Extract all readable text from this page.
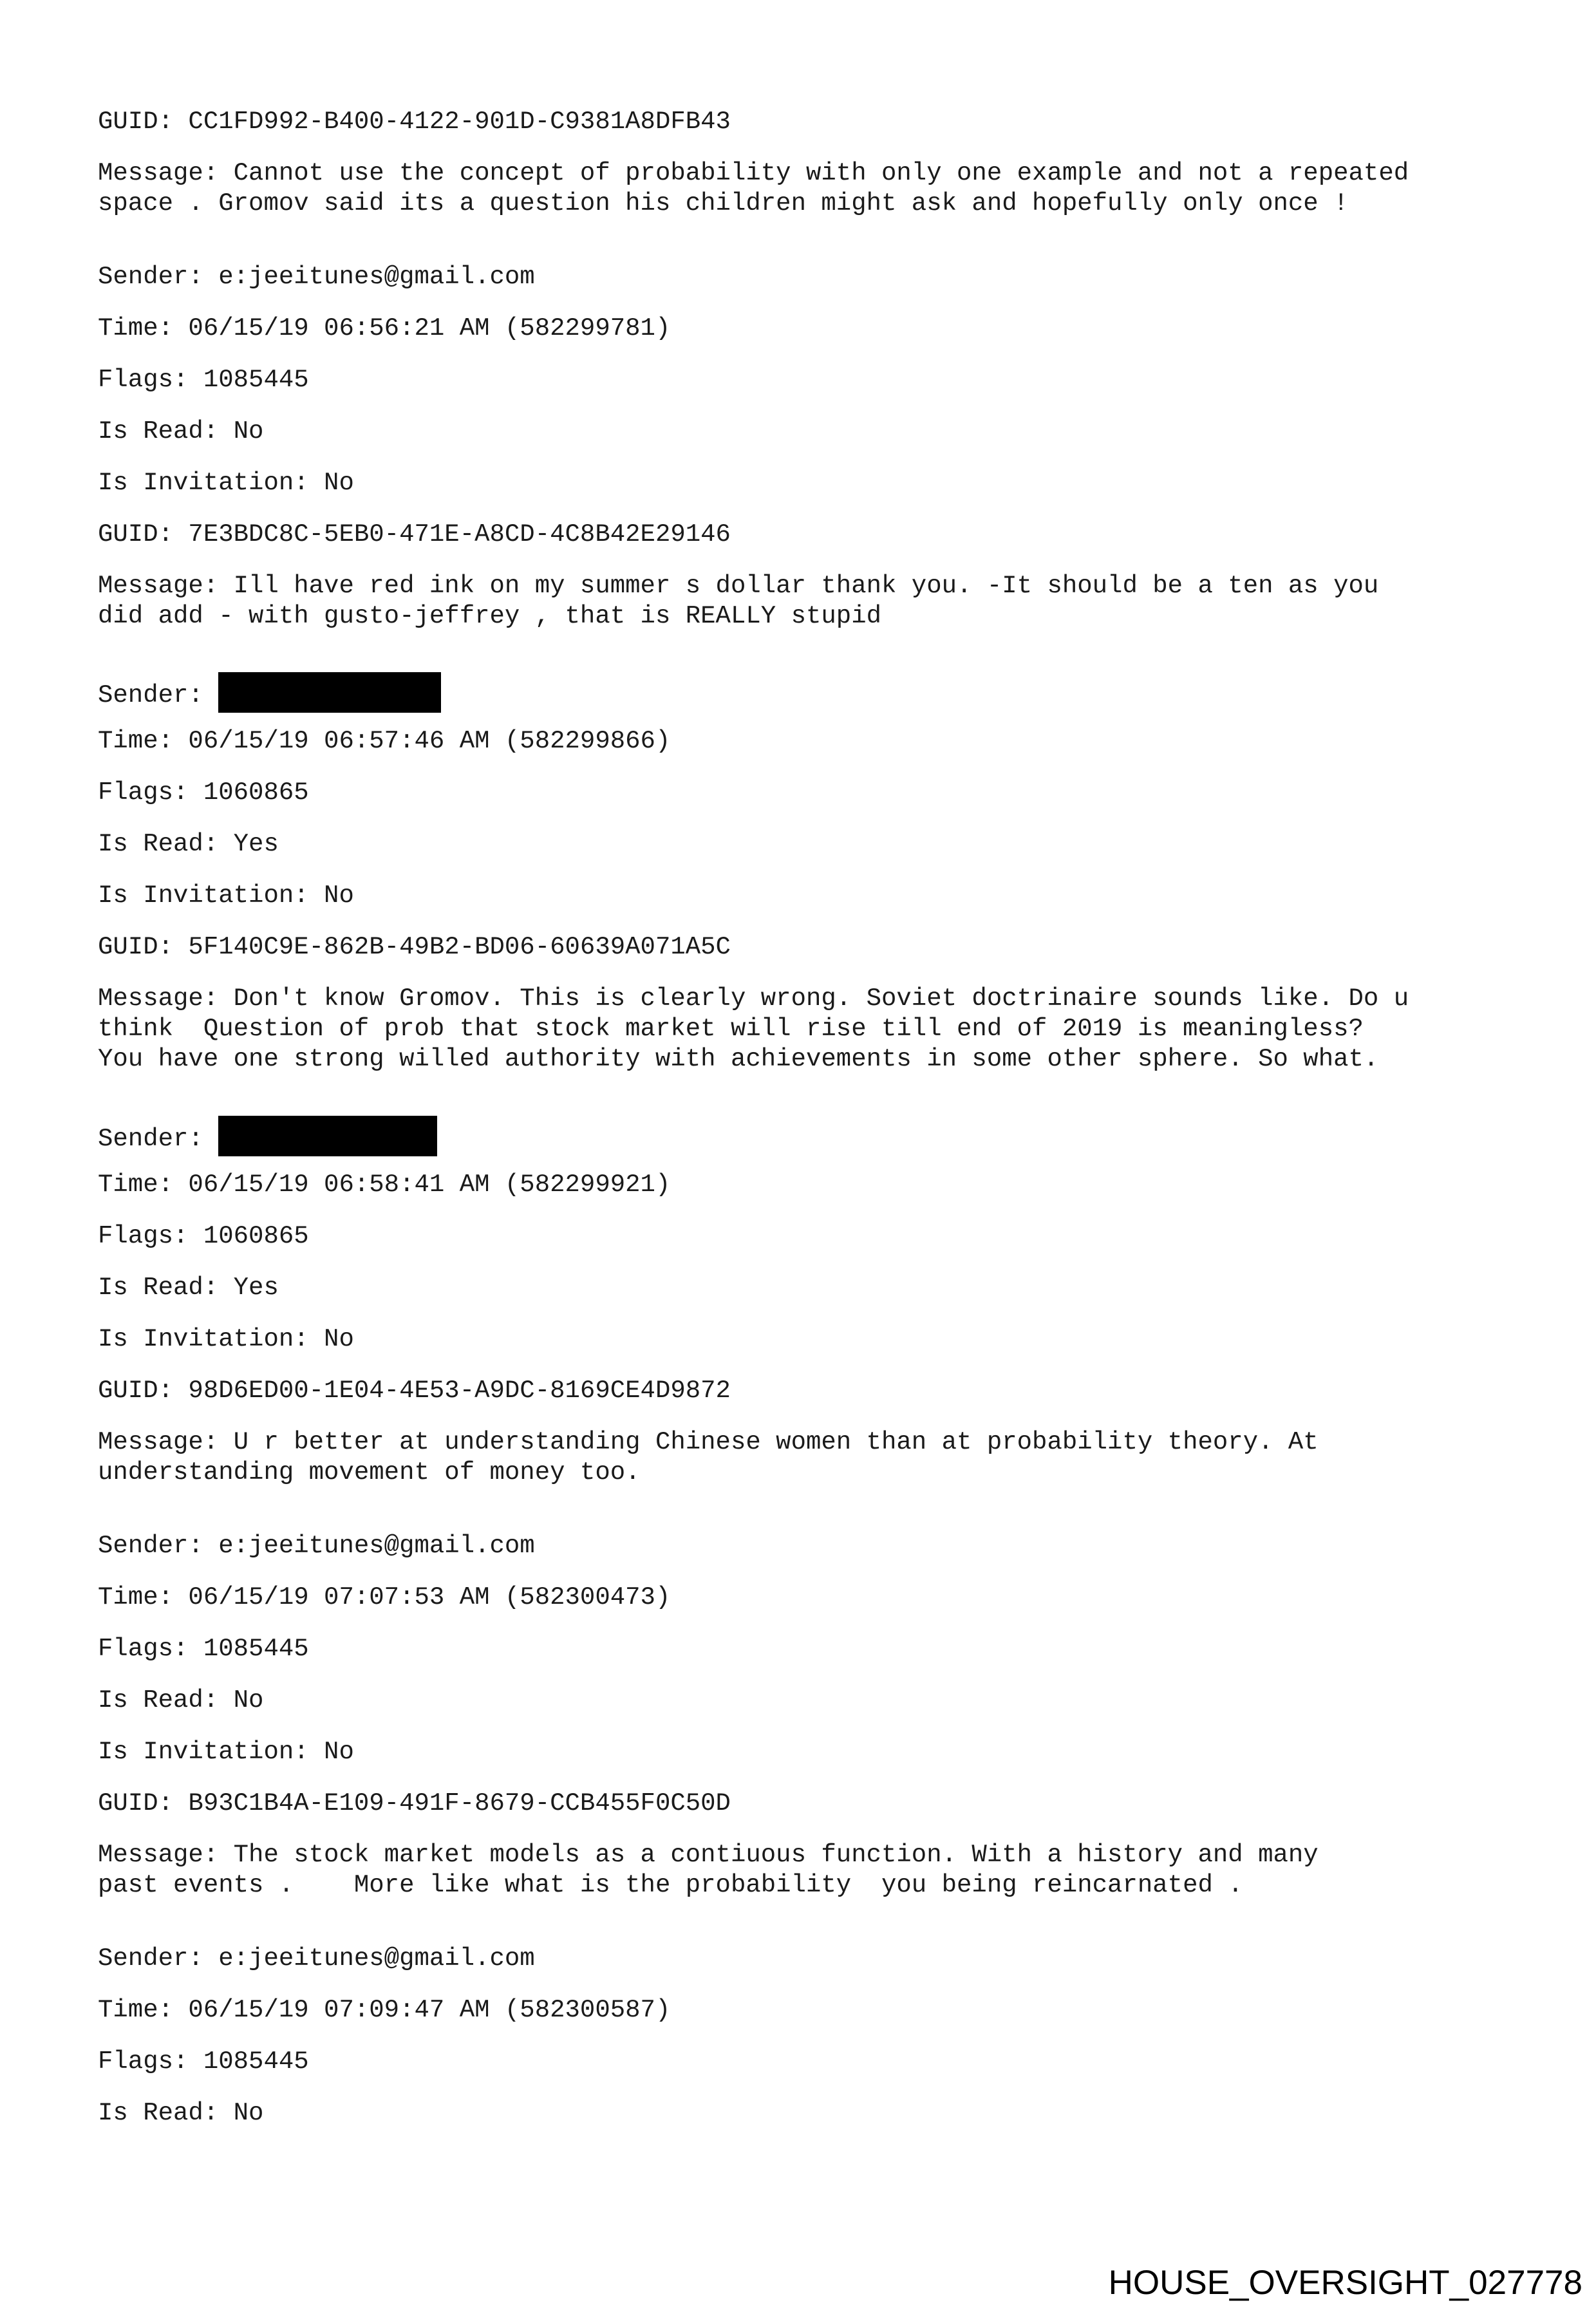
GUID: CC1FD992-B400-4122-901D-C9381A8DFB43
Message: Cannot use the concept of probability with only one example and not a repeated
space . Gromov said its a question his children might ask and hopefully only once !
Sender: e:jeeitunes@gmail.com
Time: 06/15/19 06:56:21 AM (582299781)
Flags: 1085445
Is Read: No
Is Invitation: No
GUID: 7E3BDC8C-5EB0-471E-A8CD-4C8B42E29146
Message: Ill have red ink on my summer s dollar thank you. -It should be a ten as you
did add - with gusto-jeffrey , that is REALLY stupid
Sender:
Time: 06/15/19 06:57:46 AM (582299866)
Flags: 1060865
Is Read: Yes
Is Invitation: No
GUID: 5F140C9E-862B-49B2-BD06-60639A071A5C
Message: Don't know Gromov. This is clearly wrong. Soviet doctrinaire sounds like. Do u
think  Question of prob that stock market will rise till end of 2019 is meaningless?
You have one strong willed authority with achievements in some other sphere. So what.
Sender:
Time: 06/15/19 06:58:41 AM (582299921)
Flags: 1060865
Is Read: Yes
Is Invitation: No
GUID: 98D6ED00-1E04-4E53-A9DC-8169CE4D9872
Message: U r better at understanding Chinese women than at probability theory. At
understanding movement of money too.
Sender: e:jeeitunes@gmail.com
Time: 06/15/19 07:07:53 AM (582300473)
Flags: 1085445
Is Read: No
Is Invitation: No
GUID: B93C1B4A-E109-491F-8679-CCB455F0C50D
Message: The stock market models as a contiuous function. With a history and many
past events .    More like what is the probability  you being reincarnated .
Sender: e:jeeitunes@gmail.com
Time: 06/15/19 07:09:47 AM (582300587)
Flags: 1085445
Is Read: No
HOUSE_OVERSIGHT_027778
